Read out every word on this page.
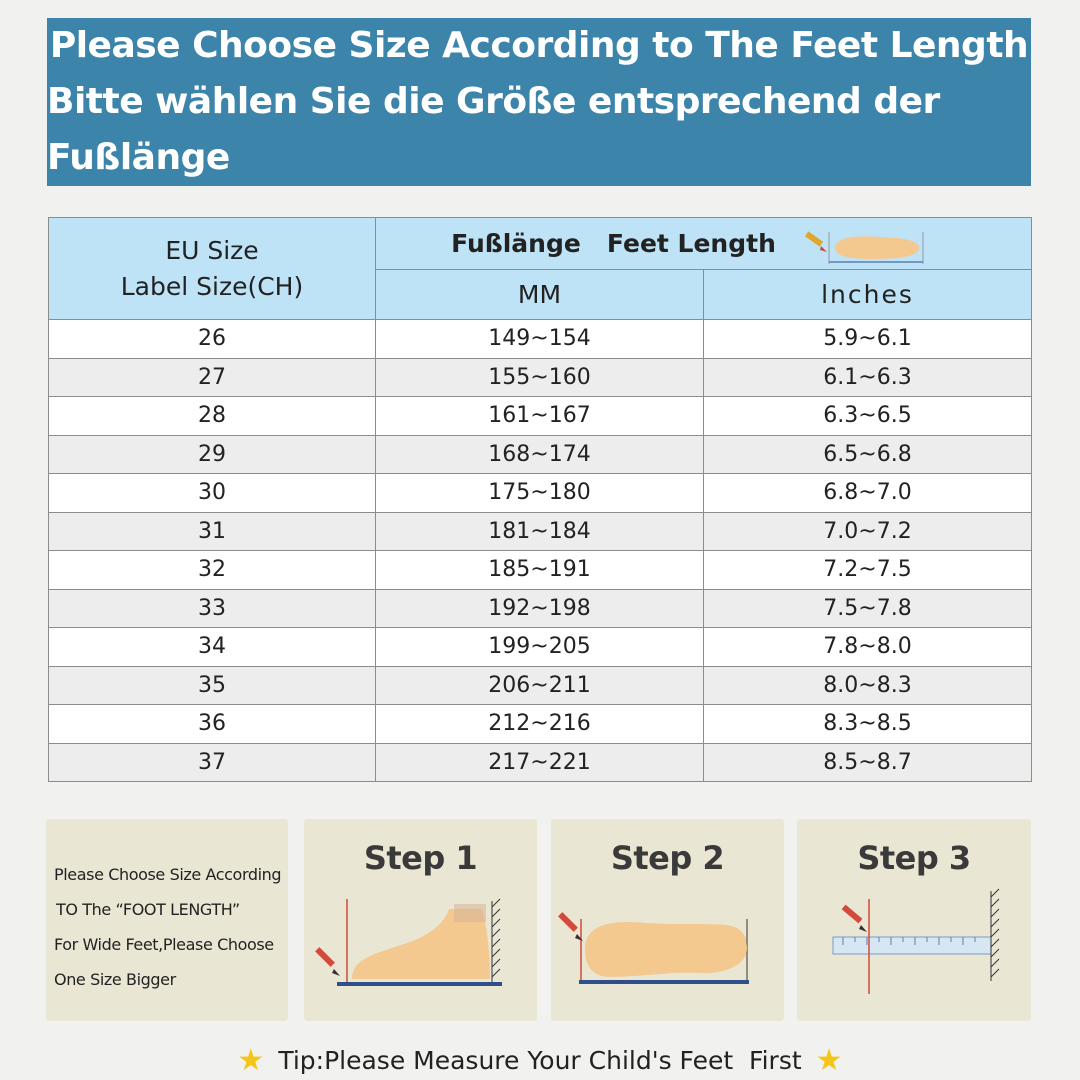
Please Choose Size According to The Feet Length
Bitte wählen Sie die Größe entsprechend der Fußlänge
EU Size
Label Size(CH)	Fußlänge   Feet Length	

	MM	lnches
26	149~154	5.9~6.1
27	155~160	6.1~6.3
28	161~167	6.3~6.5
29	168~174	6.5~6.8
30	175~180	6.8~7.0
31	181~184	7.0~7.2
32	185~191	7.2~7.5
33	192~198	7.5~7.8
34	199~205	7.8~8.0
35	206~211	8.0~8.3
36	212~216	8.3~8.5
37	217~221	8.5~8.7
Please Choose Size According
TO The “FOOT LENGTH”
For Wide Feet,Please Choose
One Size Bigger
Step 1	Step 2	Step 3
★ Tip:Please Measure Your Child's Feet  First ★
